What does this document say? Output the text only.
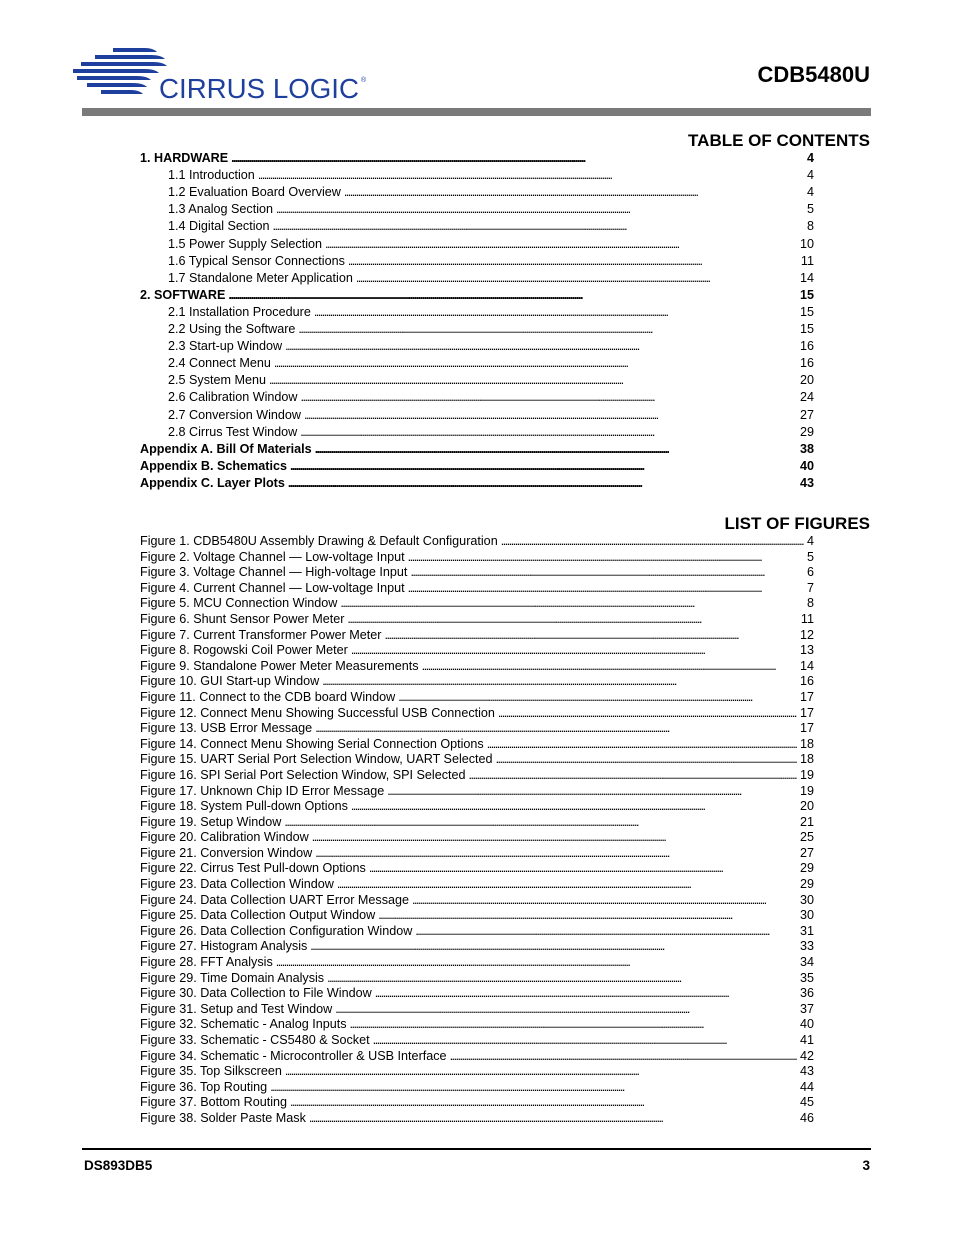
CIRRUS LOGIC ®	CDB5480U
TABLE OF CONTENTS
1. HARDWARE . . .	4
1.1 Introduction . . .	4
1.2 Evaluation Board Overview . . .	4
1.3 Analog Section . . .	5
1.4 Digital Section . . .	8
1.5 Power Supply Selection . . .	10
1.6 Typical Sensor Connections . . .	11
1.7 Standalone Meter Application . . .	14
2. SOFTWARE . . .	15
2.1 Installation Procedure . . .	15
2.2 Using the Software . . .	15
2.3 Start-up Window . . .	16
2.4 Connect Menu . . .	16
2.5 System Menu . . .	20
2.6 Calibration Window . . .	24
2.7 Conversion Window . . .	27
2.8 Cirrus Test Window . . .	29
Appendix A. Bill Of Materials . . .	38
Appendix B. Schematics . . .	40
Appendix C. Layer Plots . . .	43
LIST OF FIGURES
Figure 1. CDB5480U Assembly Drawing & Default Configuration . . .	4
Figure 2. Voltage Channel — Low-voltage Input . . .	5
Figure 3. Voltage Channel — High-voltage Input . . .	6
Figure 4. Current Channel — Low-voltage Input . . .	7
Figure 5. MCU Connection Window . . .	8
Figure 6. Shunt Sensor Power Meter . . .	11
Figure 7. Current Transformer Power Meter . . .	12
Figure 8. Rogowski Coil Power Meter . . .	13
Figure 9. Standalone Power Meter Measurements . . .	14
Figure 10. GUI Start-up Window . . .	16
Figure 11. Connect to the CDB board Window . . .	17
Figure 12. Connect Menu Showing Successful USB Connection . . .	17
Figure 13. USB Error Message . . .	17
Figure 14. Connect Menu Showing Serial Connection Options . . .	18
Figure 15. UART Serial Port Selection Window, UART Selected . . .	18
Figure 16. SPI Serial Port Selection Window, SPI Selected . . .	19
Figure 17. Unknown Chip ID Error Message . . .	19
Figure 18. System Pull-down Options . . .	20
Figure 19. Setup Window . . .	21
Figure 20. Calibration Window . . .	25
Figure 21. Conversion Window . . .	27
Figure 22. Cirrus Test Pull-down Options . . .	29
Figure 23. Data Collection Window . . .	29
Figure 24. Data Collection UART Error Message . . .	30
Figure 25. Data Collection Output Window . . .	30
Figure 26. Data Collection Configuration Window . . .	31
Figure 27. Histogram Analysis . . .	33
Figure 28. FFT Analysis . . .	34
Figure 29. Time Domain Analysis . . .	35
Figure 30. Data Collection to File Window . . .	36
Figure 31. Setup and Test Window . . .	37
Figure 32. Schematic - Analog Inputs . . .	40
Figure 33. Schematic - CS5480 & Socket . . .	41
Figure 34. Schematic - Microcontroller & USB Interface . . .	42
Figure 35. Top Silkscreen . . .	43
Figure 36. Top Routing . . .	44
Figure 37. Bottom Routing . . .	45
Figure 38. Solder Paste Mask . . .	46
DS893DB5	3
